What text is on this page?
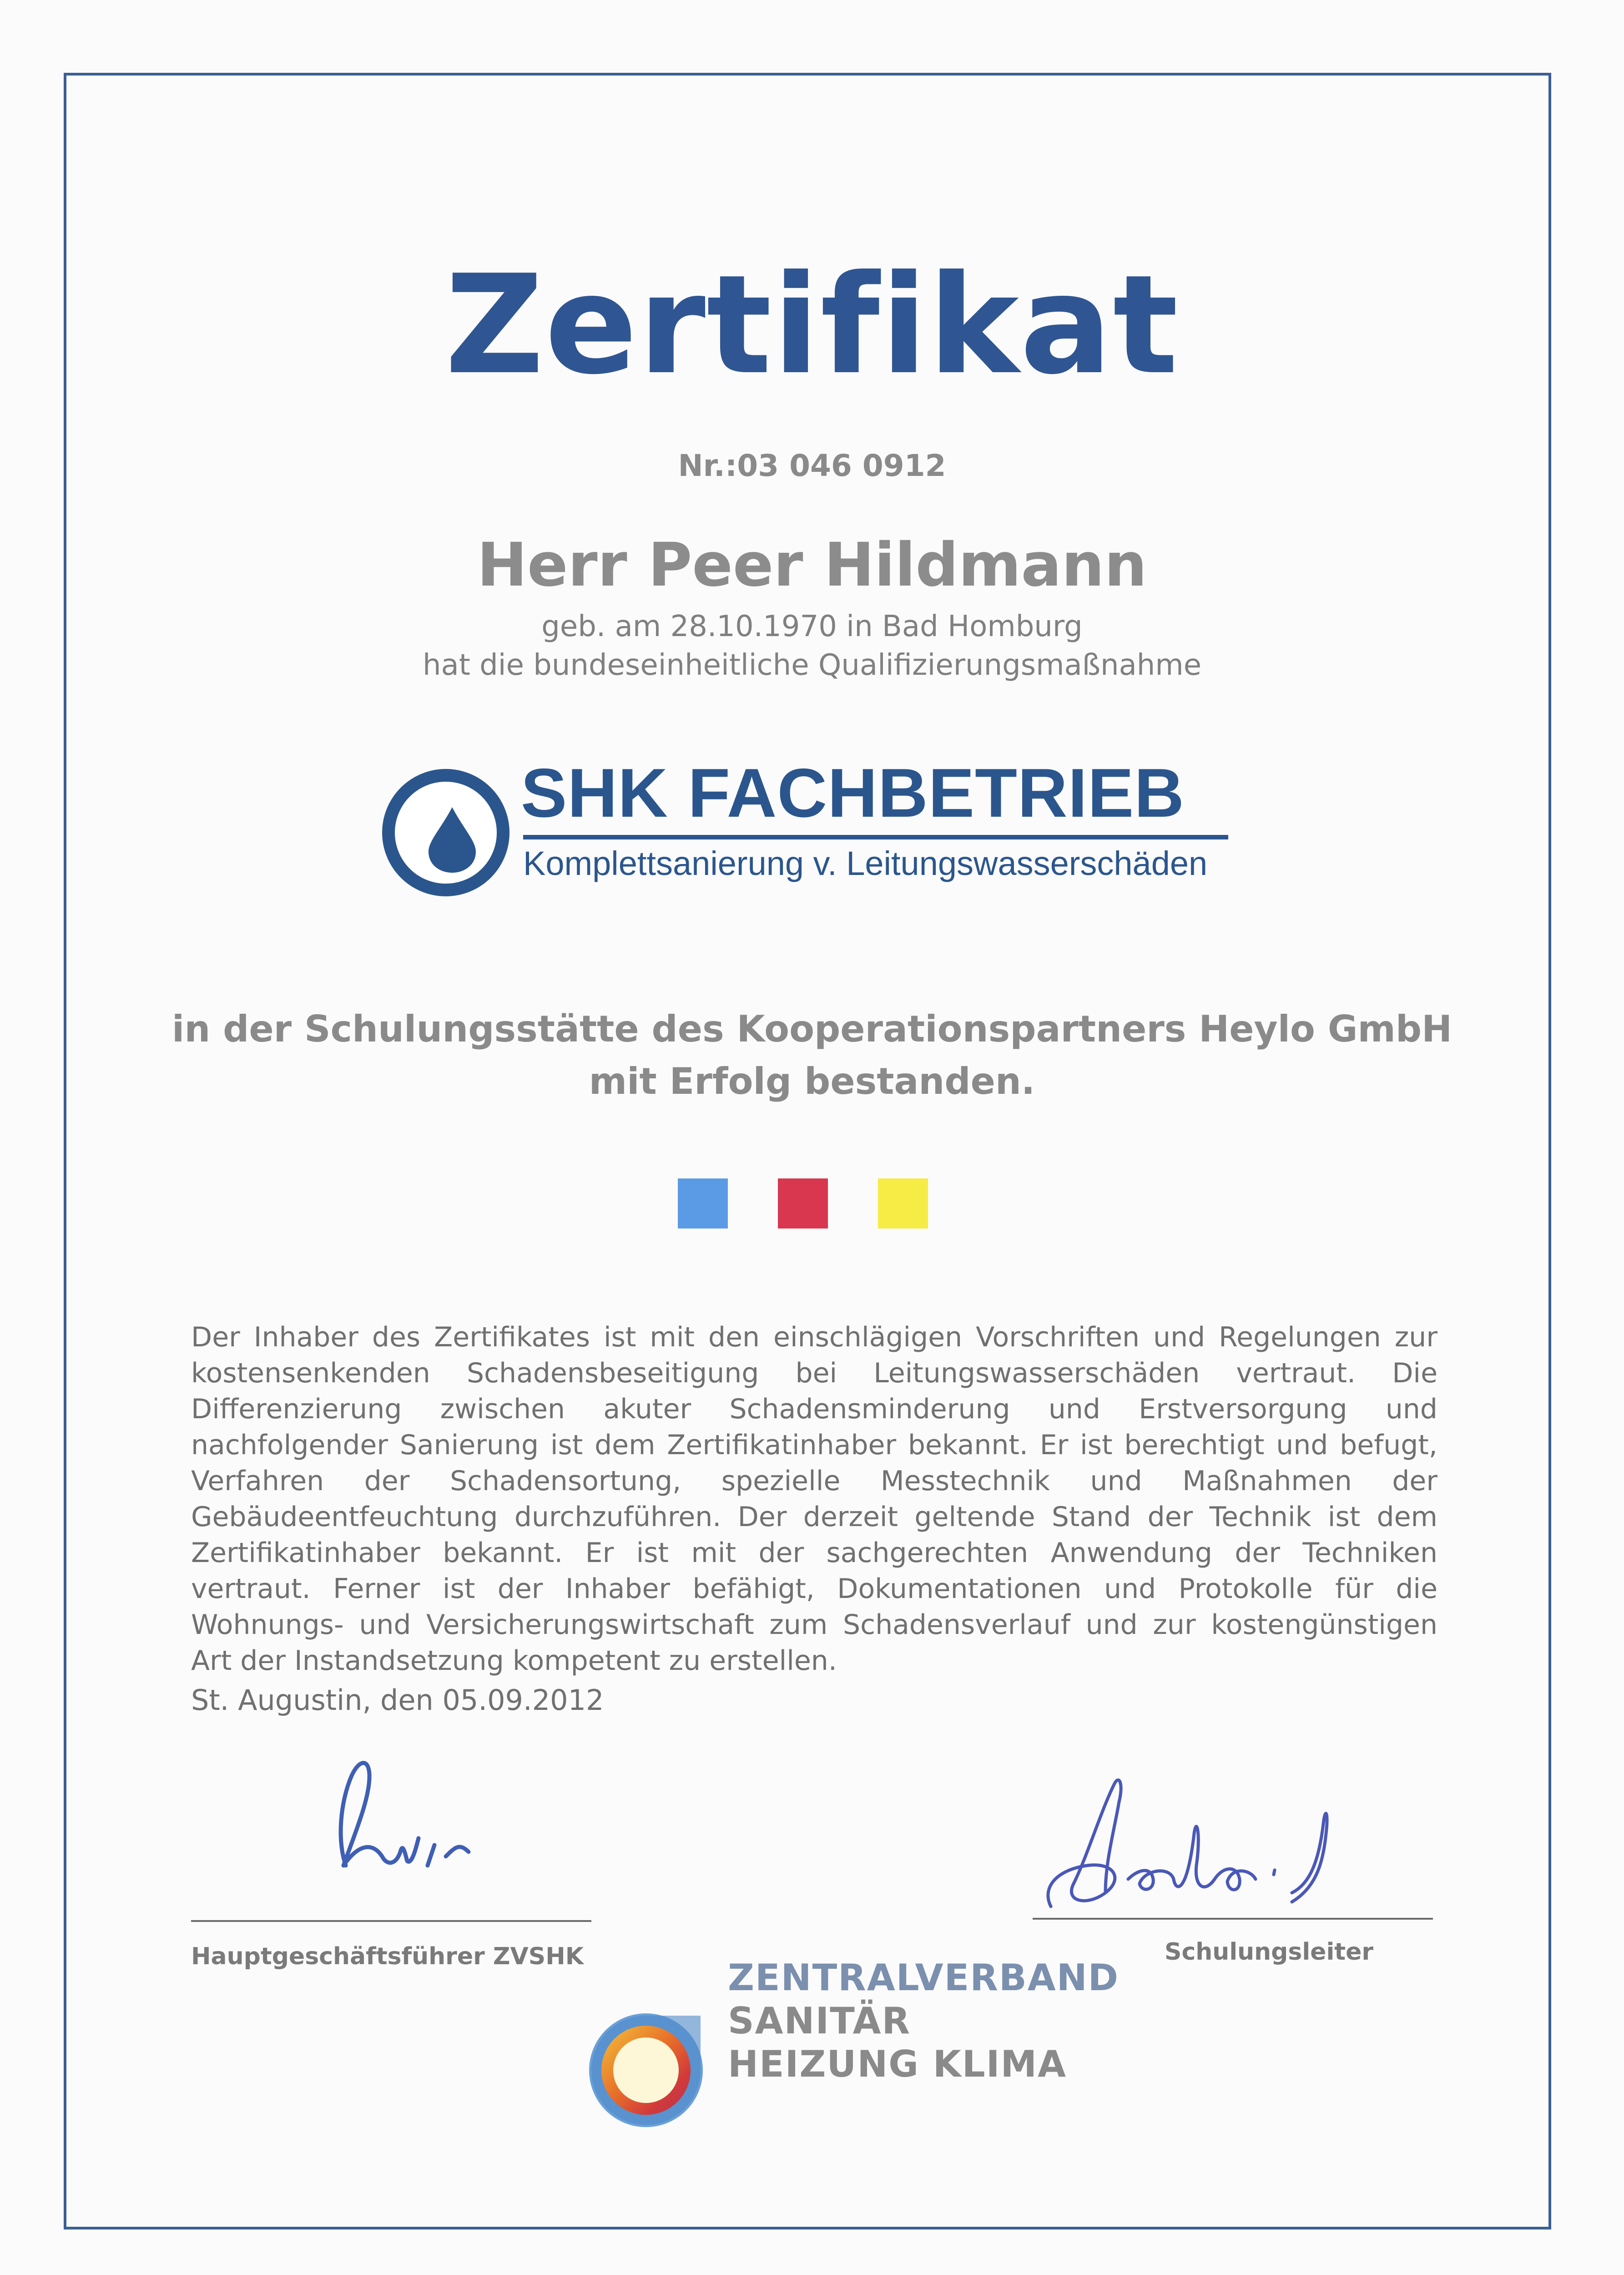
Zertifikat
Nr.:03 046 0912
Herr Peer Hildmann
geb. am 28.10.1970 in Bad Homburg
hat die bundeseinheitliche Qualifizierungsmaßnahme
SHK FACHBETRIEB
Komplettsanierung v. Leitungswasserschäden
in der Schulungsstätte des Kooperationspartners Heylo GmbH
mit Erfolg bestanden.
Der Inhaber des Zertifikates ist mit den einschlägigen Vorschriften und Regelungen zur kostensenkenden Schadensbeseitigung bei Leitungswasserschäden vertraut. Die Differenzierung zwischen akuter Schadensminderung und Erstversorgung und nachfolgender Sanierung ist dem Zertifikatinhaber bekannt. Er ist berechtigt und befugt, Verfahren der Schadensortung, spezielle Messtechnik und Maßnahmen der Gebäudeentfeuchtung durchzuführen. Der derzeit geltende Stand der Technik ist dem Zertifikatinhaber bekannt. Er ist mit der sachgerechten Anwendung der Techniken vertraut. Ferner ist der Inhaber befähigt, Dokumentationen und Protokolle für die Wohnungs- und Versicherungswirtschaft zum Schadensverlauf und zur kostengünstigen Art der Instandsetzung kompetent zu erstellen.
St. Augustin, den 05.09.2012
Hauptgeschäftsführer ZVSHK	Schulungsleiter
ZENTRALVERBAND
SANITÄR
HEIZUNG KLIMA
